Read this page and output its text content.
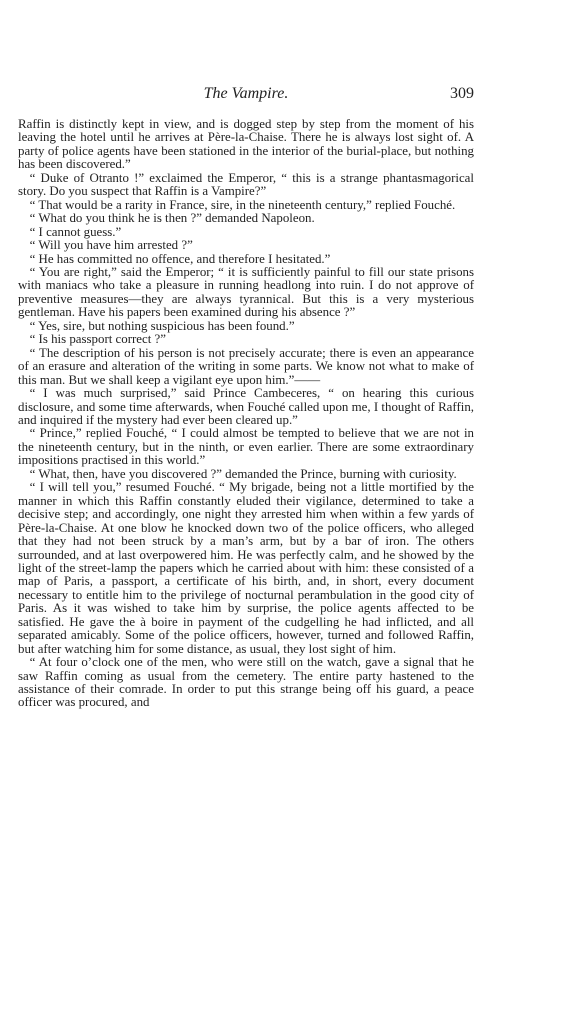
The Vampire.	309

Raffin is distinctly kept in view, and is dogged step by step from the moment of his leaving the hotel until he arrives at Père-la-Chaise. There he is always lost sight of. A party of police agents have been stationed in the interior of the burial-place, but nothing has been discovered.”

“ Duke of Otranto !” exclaimed the Emperor, “ this is a strange phantasmagorical story. Do you suspect that Raffin is a Vampire?”

“ That would be a rarity in France, sire, in the nineteenth century,” replied Fouché.

“ What do you think he is then ?” demanded Napoleon.

“ I cannot guess.”

“ Will you have him arrested ?”

“ He has committed no offence, and therefore I hesitated.”

“ You are right,” said the Emperor; “ it is sufficiently painful to fill our state prisons with maniacs who take a pleasure in running headlong into ruin. I do not approve of preventive measures—they are always tyrannical. But this is a very mysterious gentleman. Have his papers been examined during his absence ?”

“ Yes, sire, but nothing suspicious has been found.”

“ Is his passport correct ?”

“ The description of his person is not precisely accurate; there is even an appearance of an erasure and alteration of the writing in some parts. We know not what to make of this man. But we shall keep a vigilant eye upon him.”——

“ I was much surprised,” said Prince Cambeceres, “ on hearing this curious disclosure, and some time afterwards, when Fouché called upon me, I thought of Raffin, and inquired if the mystery had ever been cleared up.”

“ Prince,” replied Fouché, “ I could almost be tempted to believe that we are not in the nineteenth century, but in the ninth, or even earlier. There are some extraordinary impositions practised in this world.”

“ What, then, have you discovered ?” demanded the Prince, burning with curiosity.

“ I will tell you,” resumed Fouché. “ My brigade, being not a little mortified by the manner in which this Raffin constantly eluded their vigilance, determined to take a decisive step; and accordingly, one night they arrested him when within a few yards of Père-la-Chaise. At one blow he knocked down two of the police officers, who alleged that they had not been struck by a man’s arm, but by a bar of iron. The others surrounded, and at last overpowered him. He was perfectly calm, and he showed by the light of the street-lamp the papers which he carried about with him: these consisted of a map of Paris, a passport, a certificate of his birth, and, in short, every document necessary to entitle him to the privilege of nocturnal perambulation in the good city of Paris. As it was wished to take him by surprise, the police agents affected to be satisfied. He gave the à boire in payment of the cudgelling he had inflicted, and all separated amicably. Some of the police officers, however, turned and followed Raffin, but after watching him for some distance, as usual, they lost sight of him.

“ At four o’clock one of the men, who were still on the watch, gave a signal that he saw Raffin coming as usual from the cemetery. The entire party hastened to the assistance of their comrade. In order to put this strange being off his guard, a peace officer was procured, and
